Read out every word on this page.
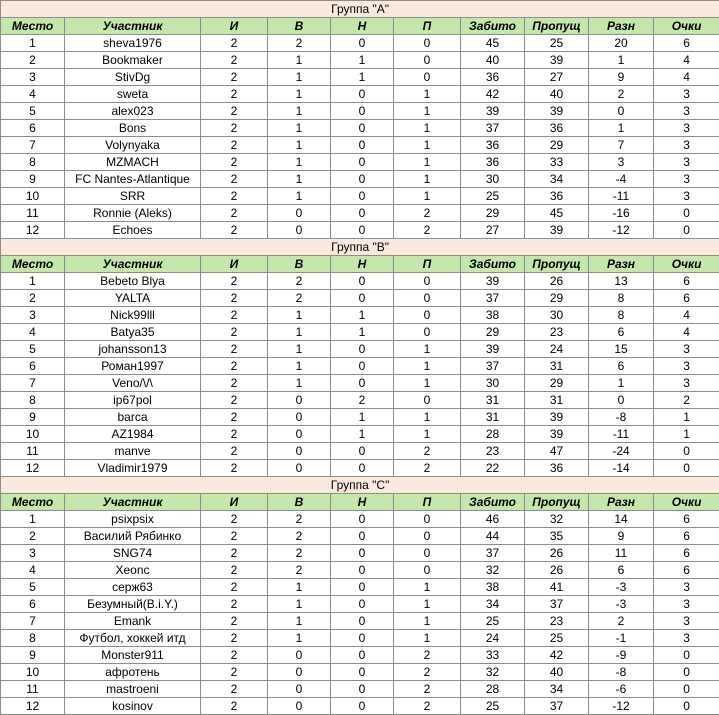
Группа "А"									
Место	Участник	И	В	Н	П	Забито	Пропущ	Разн	Очки
1	sheva1976	2	2	0	0	45	25	20	6
2	Bookmaker	2	1	1	0	40	39	1	4
3	StivDg	2	1	1	0	36	27	9	4
4	sweta	2	1	0	1	42	40	2	3
5	alex023	2	1	0	1	39	39	0	3
6	Bons	2	1	0	1	37	36	1	3
7	Volynyaka	2	1	0	1	36	29	7	3
8	MZMACH	2	1	0	1	36	33	3	3
9	FC Nantes-Atlantique	2	1	0	1	30	34	-4	3
10	SRR	2	1	0	1	25	36	-11	3
11	Ronnie (Aleks)	2	0	0	2	29	45	-16	0
12	Echoes	2	0	0	2	27	39	-12	0
Группа "B"									
Место	Участник	И	В	Н	П	Забито	Пропущ	Разн	Очки
1	Bebeto Blya	2	2	0	0	39	26	13	6
2	YALTA	2	2	0	0	37	29	8	6
3	Nick99lll	2	1	1	0	38	30	8	4
4	Batya35	2	1	1	0	29	23	6	4
5	johansson13	2	1	0	1	39	24	15	3
6	Роман1997	2	1	0	1	37	31	6	3
7	Veno/\/\	2	1	0	1	30	29	1	3
8	ip67pol	2	0	2	0	31	31	0	2
9	barca	2	0	1	1	31	39	-8	1
10	AZ1984	2	0	1	1	28	39	-11	1
11	manve	2	0	0	2	23	47	-24	0
12	Vladimir1979	2	0	0	2	22	36	-14	0
Группа "C"									
Место	Участник	И	В	Н	П	Забито	Пропущ	Разн	Очки
1	psixpsix	2	2	0	0	46	32	14	6
2	Василий Рябинко	2	2	0	0	44	35	9	6
3	SNG74	2	2	0	0	37	26	11	6
4	Xeonc	2	2	0	0	32	26	6	6
5	серж63	2	1	0	1	38	41	-3	3
6	Безумный(B.i.Y.)	2	1	0	1	34	37	-3	3
7	Emank	2	1	0	1	25	23	2	3
8	Футбол, хоккей итд	2	1	0	1	24	25	-1	3
9	Monster911	2	0	0	2	33	42	-9	0
10	афротень	2	0	0	2	32	40	-8	0
11	mastroeni	2	0	0	2	28	34	-6	0
12	kosinov	2	0	0	2	25	37	-12	0
